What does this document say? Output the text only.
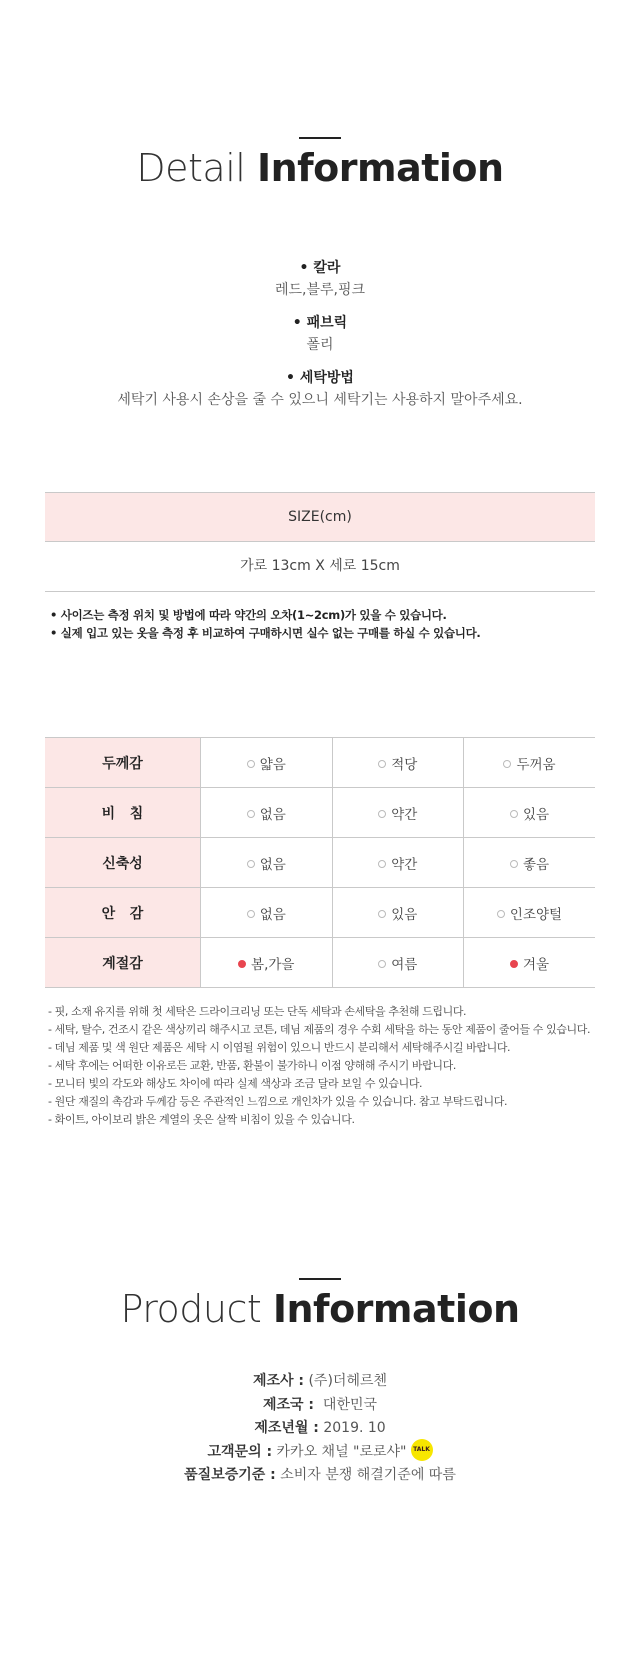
Detail Information
• 칼라
레드,블루,핑크
• 패브릭
폴리
• 세탁방법
세탁기 사용시 손상을 줄 수 있으니 세탁기는 사용하지 말아주세요.
SIZE(cm)
가로 13cm X 세로 15cm
• 사이즈는 측정 위치 및 방법에 따라 약간의 오차(1~2cm)가 있을 수 있습니다.
• 실제 입고 있는 옷을 측정 후 비교하여 구매하시면 실수 없는 구매를 하실 수 있습니다.
두께감	얇음	적당	두꺼움
비   침	없음	약간	있음
신축성	없음	약간	좋음
안   감	없음	있음	인조양털
계절감	봄,가을	여름	겨울
- 핏, 소재 유지를 위해 첫 세탁은 드라이크리닝 또는 단독 세탁과 손세탁을 추천해 드립니다.
- 세탁, 탈수, 건조시 같은 색상끼리 해주시고 코튼, 데님 제품의 경우 수회 세탁을 하는 동안 제품이 줄어들 수 있습니다.
- 데님 제품 및 색 원단 제품은 세탁 시 이염될 위험이 있으니 반드시 분리해서 세탁해주시길 바랍니다.
- 세탁 후에는 어떠한 이유로든 교환, 반품, 환불이 불가하니 이점 양해해 주시기 바랍니다.
- 모니터 빛의 각도와 해상도 차이에 따라 실제 색상과 조금 달라 보일 수 있습니다.
- 원단 재질의 촉감과 두께감 등은 주관적인 느낌으로 개인차가 있을 수 있습니다. 참고 부탁드립니다.
- 화이트, 아이보리 밝은 계열의 옷은 살짝 비침이 있을 수 있습니다.
Product Information
제조사 : (주)더헤르첸
제조국 :  대한민국
제조년월 : 2019. 10
고객문의 : 카카오 채널 "로로샤" TALK
품질보증기준 : 소비자 분쟁 해결기준에 따름
